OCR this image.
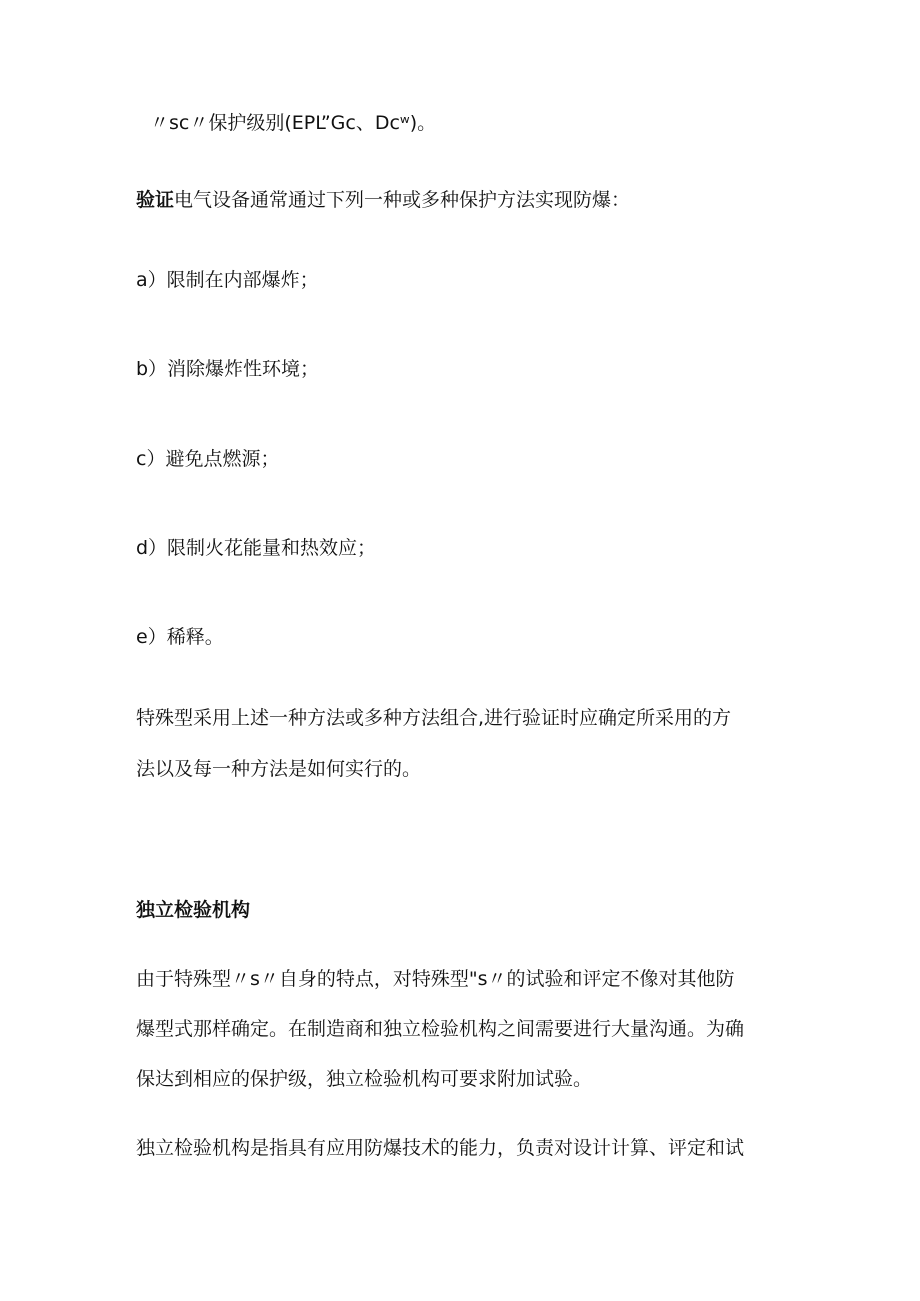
〃sc〃保护级别(EPL”Gc、Dcʷ)。

验证电气设备通常通过下列一种或多种保护方法实现防爆：

a）限制在内部爆炸；

b）消除爆炸性环境；

c）避免点燃源；

d）限制火花能量和热效应；

e）稀释。

特殊型采用上述一种方法或多种方法组合,进行验证时应确定所采用的方

法以及每一种方法是如何实行的。

独立检验机构

由于特殊型〃s〃自身的特点，对特殊型"s〃的试验和评定不像对其他防

爆型式那样确定。在制造商和独立检验机构之间需要进行大量沟通。为确

保达到相应的保护级，独立检验机构可要求附加试验。

独立检验机构是指具有应用防爆技术的能力，负责对设计计算、评定和试
